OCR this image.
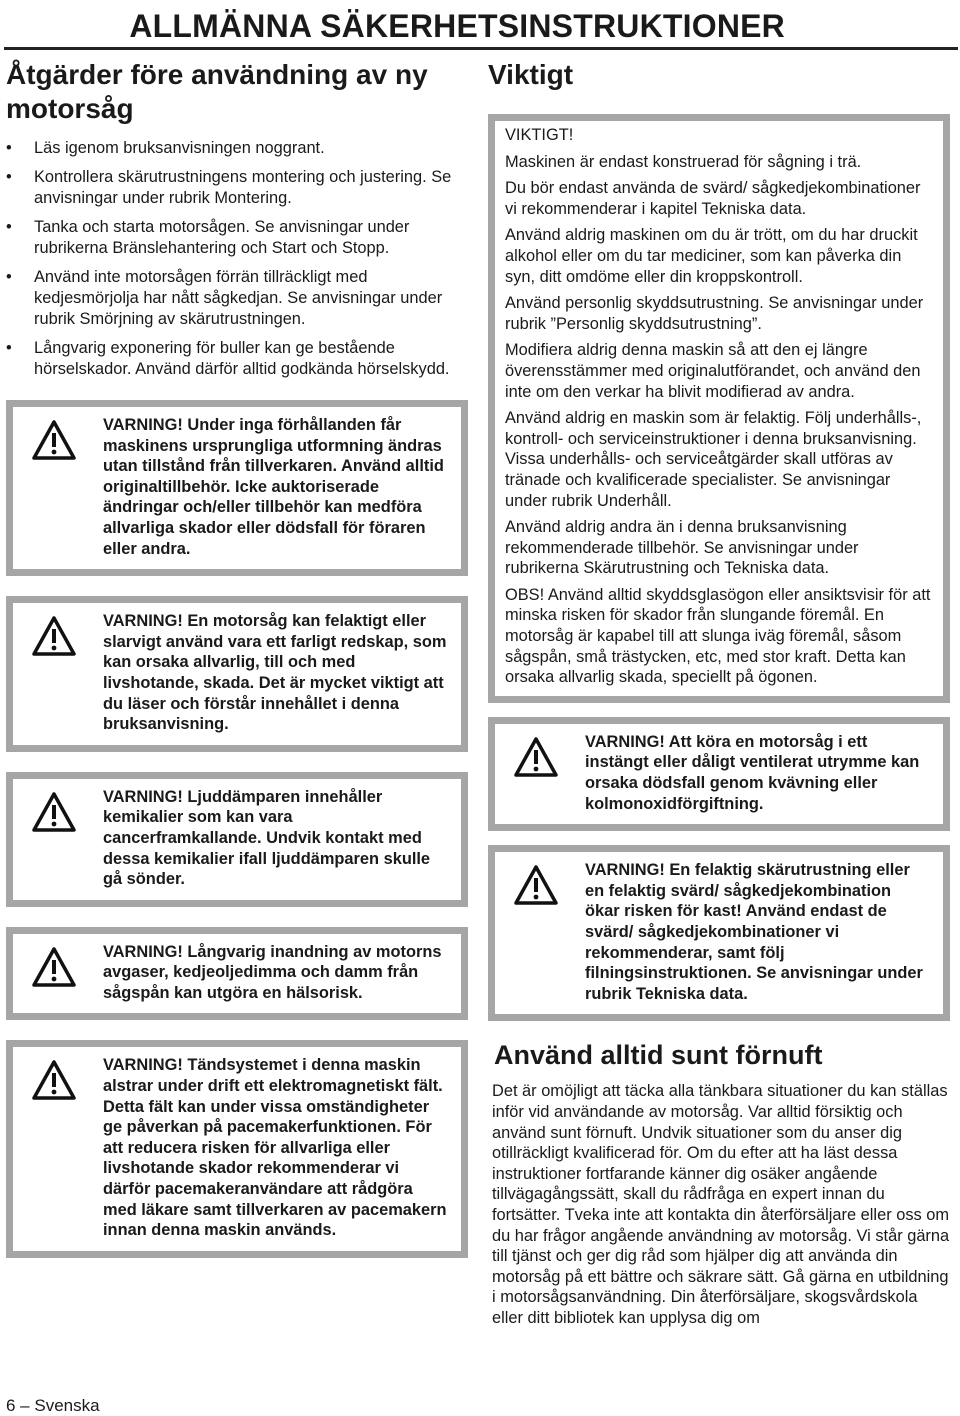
ALLMÄNNA SÄKERHETSINSTRUKTIONER
Åtgärder före användning av ny motorsåg
• Läs igenom bruksanvisningen noggrant.
• Kontrollera skärutrustningens montering och justering. Se anvisningar under rubrik Montering.
• Tanka och starta motorsågen. Se anvisningar under rubrikerna Bränslehantering och Start och Stopp.
• Använd inte motorsågen förrän tillräckligt med kedjesmörjolja har nått sågkedjan. Se anvisningar under rubrik Smörjning av skärutrustningen.
• Långvarig exponering för buller kan ge bestående hörselskador. Använd därför alltid godkända hörselskydd.

VARNING! Under inga förhållanden får maskinens ursprungliga utformning ändras utan tillstånd från tillverkaren. Använd alltid originaltillbehör. Icke auktoriserade ändringar och/eller tillbehör kan medföra allvarliga skador eller dödsfall för föraren eller andra.

VARNING! En motorsåg kan felaktigt eller slarvigt använd vara ett farligt redskap, som kan orsaka allvarlig, till och med livshotande, skada. Det är mycket viktigt att du läser och förstår innehållet i denna bruksanvisning.

VARNING! Ljuddämparen innehåller kemikalier som kan vara cancerframkallande. Undvik kontakt med dessa kemikalier ifall ljuddämparen skulle gå sönder.

VARNING! Långvarig inandning av motorns avgaser, kedjeoljedimma och damm från sågspån kan utgöra en hälsorisk.

VARNING! Tändsystemet i denna maskin alstrar under drift ett elektromagnetiskt fält. Detta fält kan under vissa omständigheter ge påverkan på pacemakerfunktionen. För att reducera risken för allvarliga eller livshotande skador rekommenderar vi därför pacemakeranvändare att rådgöra med läkare samt tillverkaren av pacemakern innan denna maskin används.

Viktigt

VIKTIGT!

Maskinen är endast konstruerad för sågning i trä.

Du bör endast använda de svärd/ sågkedjekombinationer vi rekommenderar i kapitel Tekniska data.

Använd aldrig maskinen om du är trött, om du har druckit alkohol eller om du tar mediciner, som kan påverka din syn, ditt omdöme eller din kroppskontroll.

Använd personlig skyddsutrustning. Se anvisningar under rubrik ”Personlig skyddsutrustning”.

Modifiera aldrig denna maskin så att den ej längre överensstämmer med originalutförandet, och använd den inte om den verkar ha blivit modifierad av andra.

Använd aldrig en maskin som är felaktig. Följ underhålls-, kontroll- och serviceinstruktioner i denna bruksanvisning. Vissa underhålls- och serviceåtgärder skall utföras av tränade och kvalificerade specialister. Se anvisningar under rubrik Underhåll.

Använd aldrig andra än i denna bruksanvisning rekommenderade tillbehör. Se anvisningar under rubrikerna Skärutrustning och Tekniska data.

OBS! Använd alltid skyddsglasögon eller ansiktsvisir för att minska risken för skador från slungande föremål. En motorsåg är kapabel till att slunga iväg föremål, såsom sågspån, små trästycken, etc, med stor kraft. Detta kan orsaka allvarlig skada, speciellt på ögonen.

VARNING! Att köra en motorsåg i ett instängt eller dåligt ventilerat utrymme kan orsaka dödsfall genom kvävning eller kolmonoxidförgiftning.

VARNING! En felaktig skärutrustning eller en felaktig svärd/ sågkedjekombination ökar risken för kast! Använd endast de svärd/ sågkedjekombinationer vi rekommenderar, samt följ filningsinstruktionen. Se anvisningar under rubrik Tekniska data.

Använd alltid sunt förnuft

Det är omöjligt att täcka alla tänkbara situationer du kan ställas inför vid användande av motorsåg. Var alltid försiktig och använd sunt förnuft. Undvik situationer som du anser dig otillräckligt kvalificerad för. Om du efter att ha läst dessa instruktioner fortfarande känner dig osäker angående tillvägagångssätt, skall du rådfråga en expert innan du fortsätter. Tveka inte att kontakta din återförsäljare eller oss om du har frågor angående användning av motorsåg. Vi står gärna till tjänst och ger dig råd som hjälper dig att använda din motorsåg på ett bättre och säkrare sätt. Gå gärna en utbildning i motorsågsanvändning. Din återförsäljare, skogsvårdskola eller ditt bibliotek kan upplysa dig om

6 – Svenska
